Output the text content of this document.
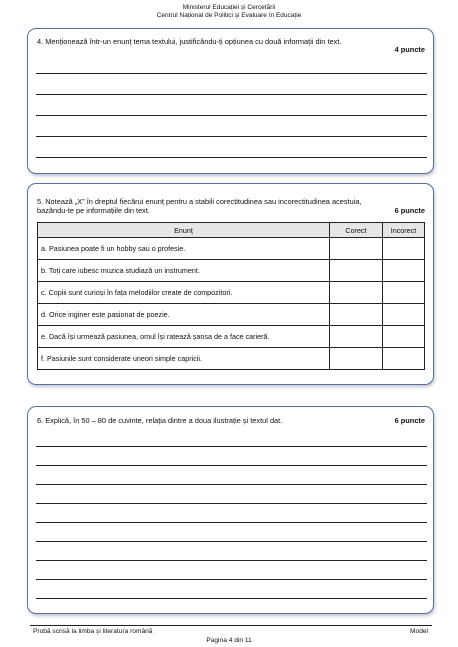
Ministerul Educației și Cercetării
Centrul Național de Politici și Evaluare în Educație
4. Menționează într-un enunț tema textului, justificându-ți opțiunea cu două informații din text.
4 puncte
5. Notează „X” în dreptul fiecărui enunț pentru a stabili corectitudinea sau incorectitudinea acestuia,
bazându-te pe informațiile din text.	6 puncte
Enunț	Corect	Incorect
a. Pasiunea poate fi un hobby sau o profesie.		
b. Toți care iubesc muzica studiază un instrument.		
c. Copiii sunt curioși în fața melodiilor create de compozitori.		
d. Orice inginer este pasionat de poezie.		
e. Dacă își urmează pasiunea, omul își ratează șansa de a face carieră.		
f. Pasiunile sunt considerate uneori simple capricii.		
6. Explică, în 50 – 80 de cuvinte, relația dintre a doua ilustrație și textul dat.	6 puncte
Probă scrisă la limba și literatura română	Model
Pagina 4 din 11
